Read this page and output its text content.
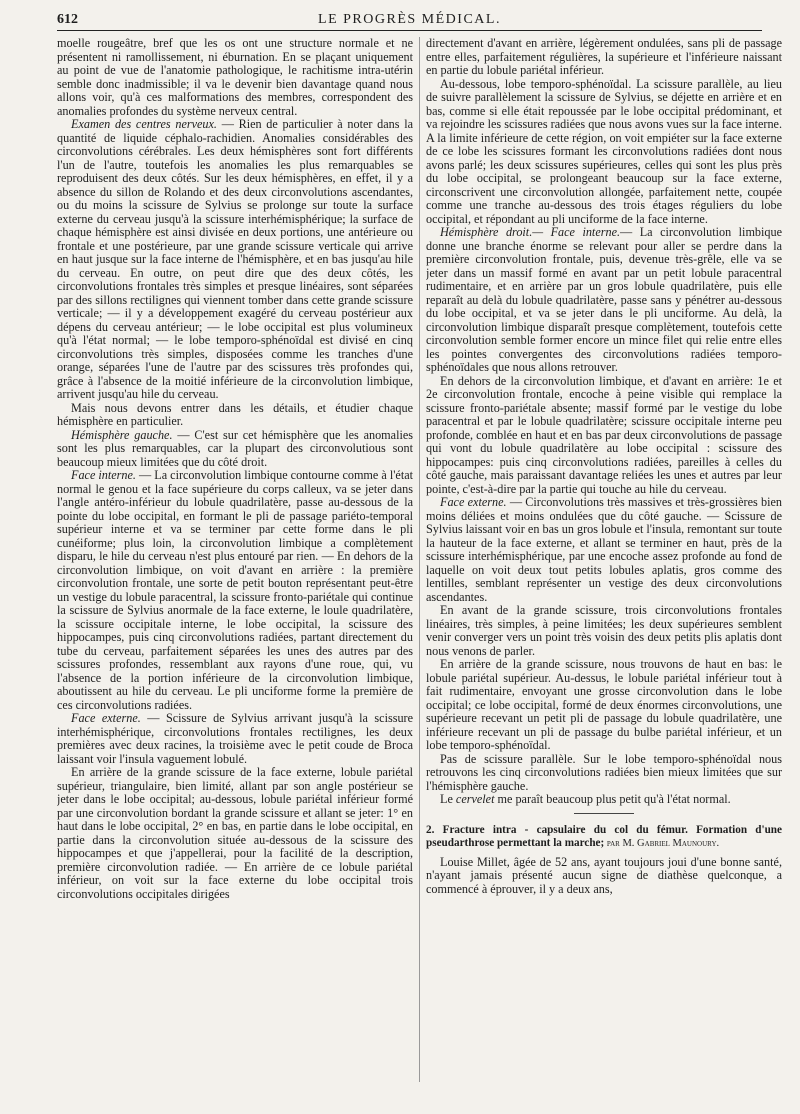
612	LE PROGRÈS MÉDICAL.

moelle rougeâtre, bref que les os ont une structure normale et ne présentent ni ramollissement, ni éburnation. En se plaçant uniquement au point de vue de l'anatomie pathologique, le rachitisme intra-utérin semble donc inadmissible; il va le devenir bien davantage quand nous allons voir, qu'à ces malformations des membres, correspondent des anomalies profondes du système nerveux central.

Examen des centres nerveux. — Rien de particulier à noter dans la quantité de liquide céphalo-rachidien. Anomalies considérables des circonvolutions cérébrales. Les deux hémisphères sont fort différents l'un de l'autre, toutefois les anomalies les plus remarquables se reproduisent des deux côtés. Sur les deux hémisphères, en effet, il y a absence du sillon de Rolando et des deux circonvolutions ascendantes, ou du moins la scissure de Sylvius se prolonge sur toute la surface externe du cerveau jusqu'à la scissure interhémisphérique; la surface de chaque hémisphère est ainsi divisée en deux portions, une antérieure ou frontale et une postérieure, par une grande scissure verticale qui arrive en haut jusque sur la face interne de l'hémisphère, et en bas jusqu'au hile du cerveau. En outre, on peut dire que des deux côtés, les circonvolutions frontales très simples et presque linéaires, sont séparées par des sillons rectilignes qui viennent tomber dans cette grande scissure verticale; — il y a développement exagéré du cerveau postérieur aux dépens du cerveau antérieur; — le lobe occipital est plus volumineux qu'à l'état normal; — le lobe temporo-sphénoïdal est divisé en cinq circonvolutions très simples, disposées comme les tranches d'une orange, séparées l'une de l'autre par des scissures très profondes qui, grâce à l'absence de la moitié inférieure de la circonvolution limbique, arrivent jusqu'au hile du cerveau.

Mais nous devons entrer dans les détails, et étudier chaque hémisphère en particulier.

Hémisphère gauche. — C'est sur cet hémisphère que les anomalies sont les plus remarquables, car la plupart des circonvolutious sont beaucoup mieux limitées que du côté droit.

Face interne. — La circonvolution limbique contourne comme à l'état normal le genou et la face supérieure du corps calleux, va se jeter dans l'angle antéro-inférieur du lobule quadrilatère, passe au-dessous de la pointe du lobe occipital, en formant le pli de passage pariéto-temporal supérieur interne et va se terminer par cette forme dans le pli cunéiforme; plus loin, la circonvolution limbique a complètement disparu, le hile du cerveau n'est plus entouré par rien. — En dehors de la circonvolution limbique, on voit d'avant en arrière : la première circonvolution frontale, une sorte de petit bouton représentant peut-être un vestige du lobule paracentral, la scissure fronto-pariétale qui continue la scissure de Sylvius anormale de la face externe, le loule quadrilatère, la scissure occipitale interne, le lobe occipital, la scissure des hippocampes, puis cinq circonvolutions radiées, partant directement du tube du cerveau, parfaitement séparées les unes des autres par des scissures profondes, ressemblant aux rayons d'une roue, qui, vu l'absence de la portion inférieure de la circonvolution limbique, aboutissent au hile du cerveau. Le pli unciforme forme la première de ces circonvolutions radiées.

Face externe. — Scissure de Sylvius arrivant jusqu'à la scissure interhémisphérique, circonvolutions frontales rectilignes, les deux premières avec deux racines, la troisième avec le petit coude de Broca laissant voir l'insula vaguement lobulé.

En arrière de la grande scissure de la face externe, lobule pariétal supérieur, triangulaire, bien limité, allant par son angle postérieur se jeter dans le lobe occipital; au-dessous, lobule pariétal inférieur formé par une circonvolution bordant la grande scissure et allant se jeter: 1° en haut dans le lobe occipital, 2° en bas, en partie dans le lobe occipital, en partie dans la circonvolution située au-dessous de la scissure des hippocampes et que j'appellerai, pour la facilité de la description, première circonvolution radiée. — En arrière de ce lobule pariétal inférieur, on voit sur la face externe du lobe occipital trois circonvolutions occipitales dirigées

directement d'avant en arrière, légèrement ondulées, sans pli de passage entre elles, parfaitement régulières, la supérieure et l'inférieure naissant en partie du lobule pariétal inférieur.

Au-dessous, lobe temporo-sphénoïdal. La scissure parallèle, au lieu de suivre parallèlement la scissure de Sylvius, se déjette en arrière et en bas, comme si elle était repoussée par le lobe occipital prédominant, et va rejoindre les scissures radiées que nous avons vues sur la face interne. A la limite inférieure de cette région, on voit empiéter sur la face externe de ce lobe les scissures formant les circonvolutions radiées dont nous avons parlé; les deux scissures supérieures, celles qui sont les plus près du lobe occipital, se prolongeant beaucoup sur la face externe, circonscrivent une circonvolution allongée, parfaitement nette, coupée comme une tranche au-dessous des trois étages réguliers du lobe occipital, et répondant au pli unciforme de la face interne.

Hémisphère droit.— Face interne.— La circonvolution limbique donne une branche énorme se relevant pour aller se perdre dans la première circonvolution frontale, puis, devenue très-grêle, elle va se jeter dans un massif formé en avant par un petit lobule paracentral rudimentaire, et en arrière par un gros lobule quadrilatère, puis elle reparaît au delà du lobule quadrilatère, passe sans y pénétrer au-dessous du lobe occipital, et va se jeter dans le pli unciforme. Au delà, la circonvolution limbique disparaît presque complètement, toutefois cette circonvolution semble former encore un mince filet qui relie entre elles les pointes convergentes des circonvolutions radiées temporo-sphénoïdales que nous allons retrouver.

En dehors de la circonvolution limbique, et d'avant en arrière: 1e et 2e circonvolution frontale, encoche à peine visible qui remplace la scissure fronto-pariétale absente; massif formé par le vestige du lobe paracentral et par le lobule quadrilatère; scissure occipitale interne peu profonde, comblée en haut et en bas par deux circonvolutions de passage qui vont du lobule quadrilatère au lobe occipital : scissure des hippocampes: puis cinq circonvolutions radiées, pareilles à celles du côté gauche, mais paraissant davantage reliées les unes et autres par leur pointe, c'est-à-dire par la partie qui touche au hile du cerveau.

Face externe. — Circonvolutions très massives et très-grossières bien moins déliées et moins ondulées que du côté gauche. — Scissure de Sylvius laissant voir en bas un gros lobule et l'insula, remontant sur toute la hauteur de la face externe, et allant se terminer en haut, près de la scissure interhémisphérique, par une encoche assez profonde au fond de laquelle on voit deux tout petits lobules aplatis, gros comme des lentilles, semblant représenter un vestige des deux circonvolutions ascendantes.

En avant de la grande scissure, trois circonvolutions frontales linéaires, très simples, à peine limitées; les deux supérieures semblent venir converger vers un point très voisin des deux petits plis aplatis dont nous venons de parler.

En arrière de la grande scissure, nous trouvons de haut en bas: le lobule pariétal supérieur. Au-dessus, le lobule pariétal inférieur tout à fait rudimentaire, envoyant une grosse circonvolution dans le lobe occipital; ce lobe occipital, formé de deux énormes circonvolutions, une supérieure recevant un petit pli de passage du lobule quadrilatère, une inférieure recevant un pli de passage du bulbe pariétal inférieur, et un lobe temporo-sphénoïdal.

Pas de scissure parallèle. Sur le lobe temporo-sphénoïdal nous retrouvons les cinq circonvolutions radiées bien mieux limitées que sur l'hémisphère gauche.

Le cervelet me paraît beaucoup plus petit qu'à l'état normal.

2. Fracture intra - capsulaire du col du fémur. Formation d'une pseudarthrose permettant la marche; par M. Gabriel Maunoury.

Louise Millet, âgée de 52 ans, ayant toujours joui d'une bonne santé, n'ayant jamais présenté aucun signe de diathèse quelconque, a commencé à éprouver, il y a deux ans,
